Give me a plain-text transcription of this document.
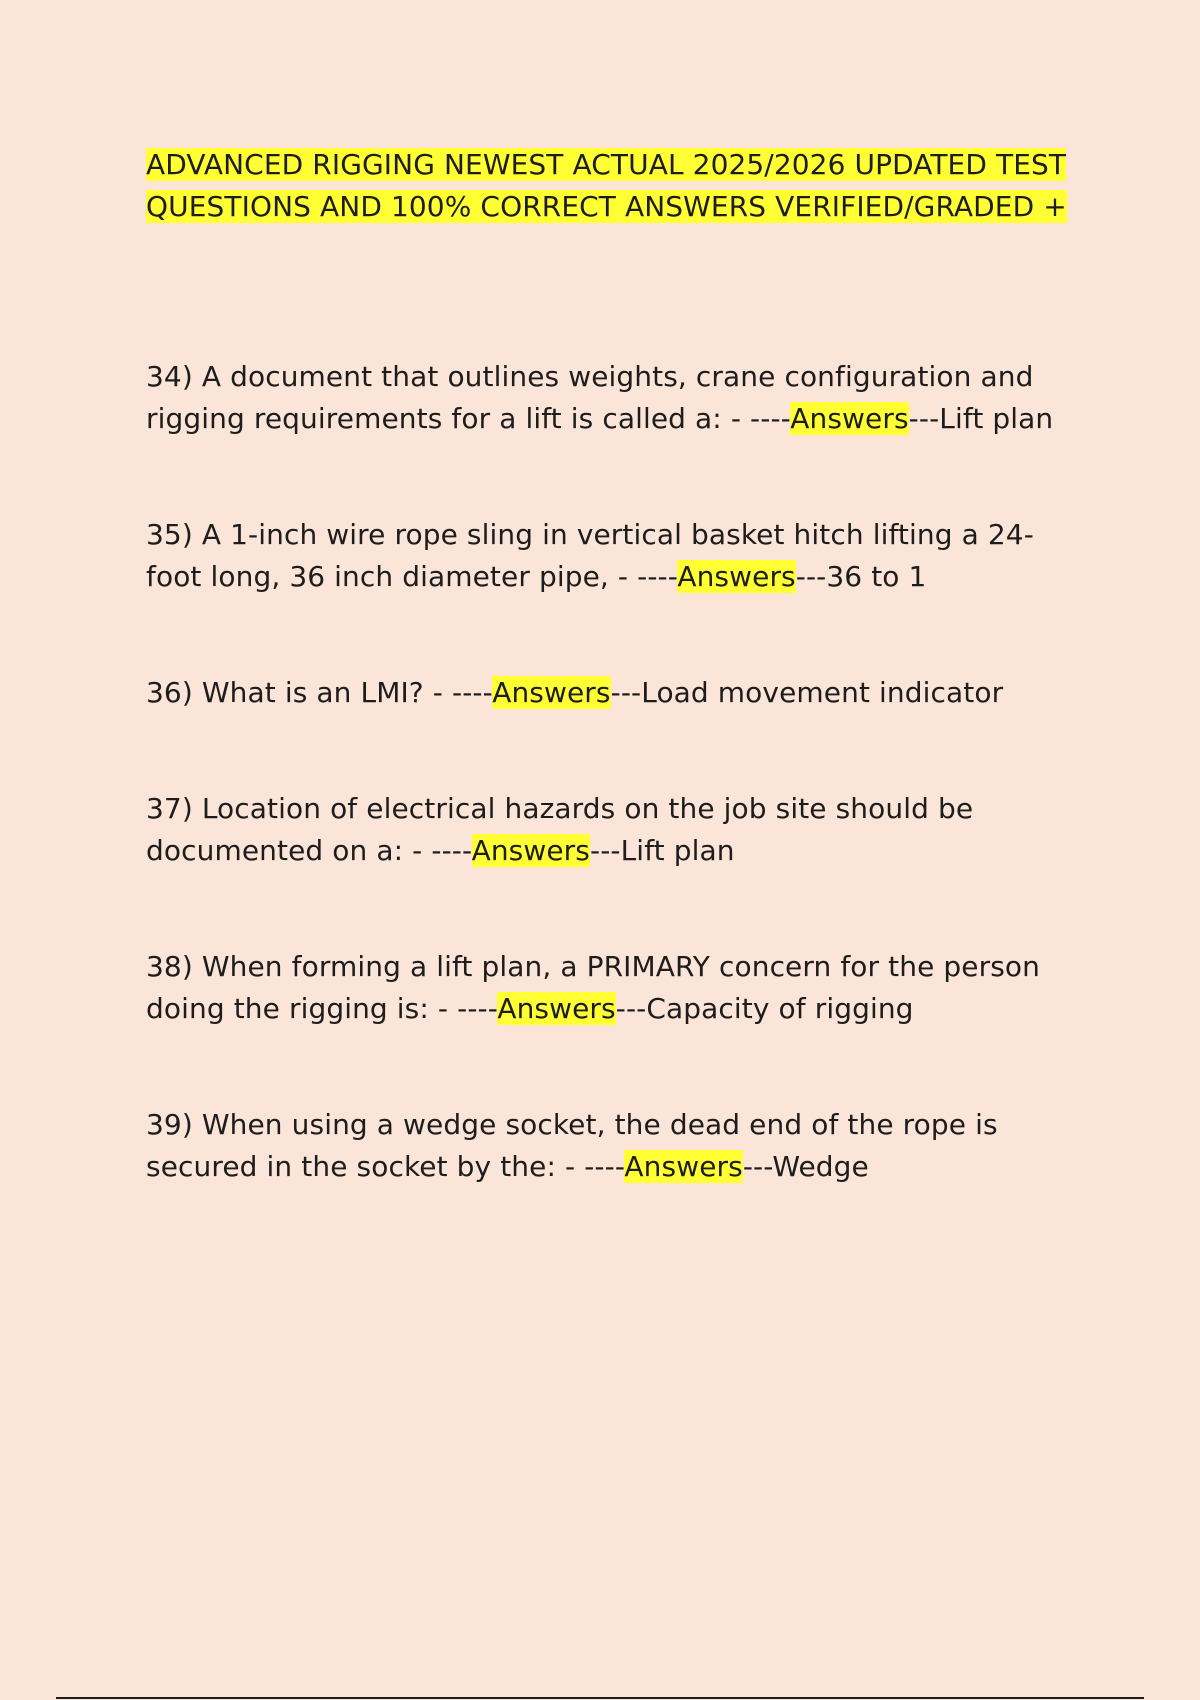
ADVANCED RIGGING NEWEST ACTUAL 2025/2026 UPDATED TEST QUESTIONS AND 100% CORRECT ANSWERS VERIFIED/GRADED +

34) A document that outlines weights, crane configuration and rigging requirements for a lift is called a: - ----Answers---Lift plan

35) A 1-inch wire rope sling in vertical basket hitch lifting a 24-foot long, 36 inch diameter pipe, - ----Answers---36 to 1

36) What is an LMI? - ----Answers---Load movement indicator

37) Location of electrical hazards on the job site should be documented on a: - ----Answers---Lift plan

38) When forming a lift plan, a PRIMARY concern for the person doing the rigging is: - ----Answers---Capacity of rigging

39) When using a wedge socket, the dead end of the rope is secured in the socket by the: - ----Answers---Wedge
